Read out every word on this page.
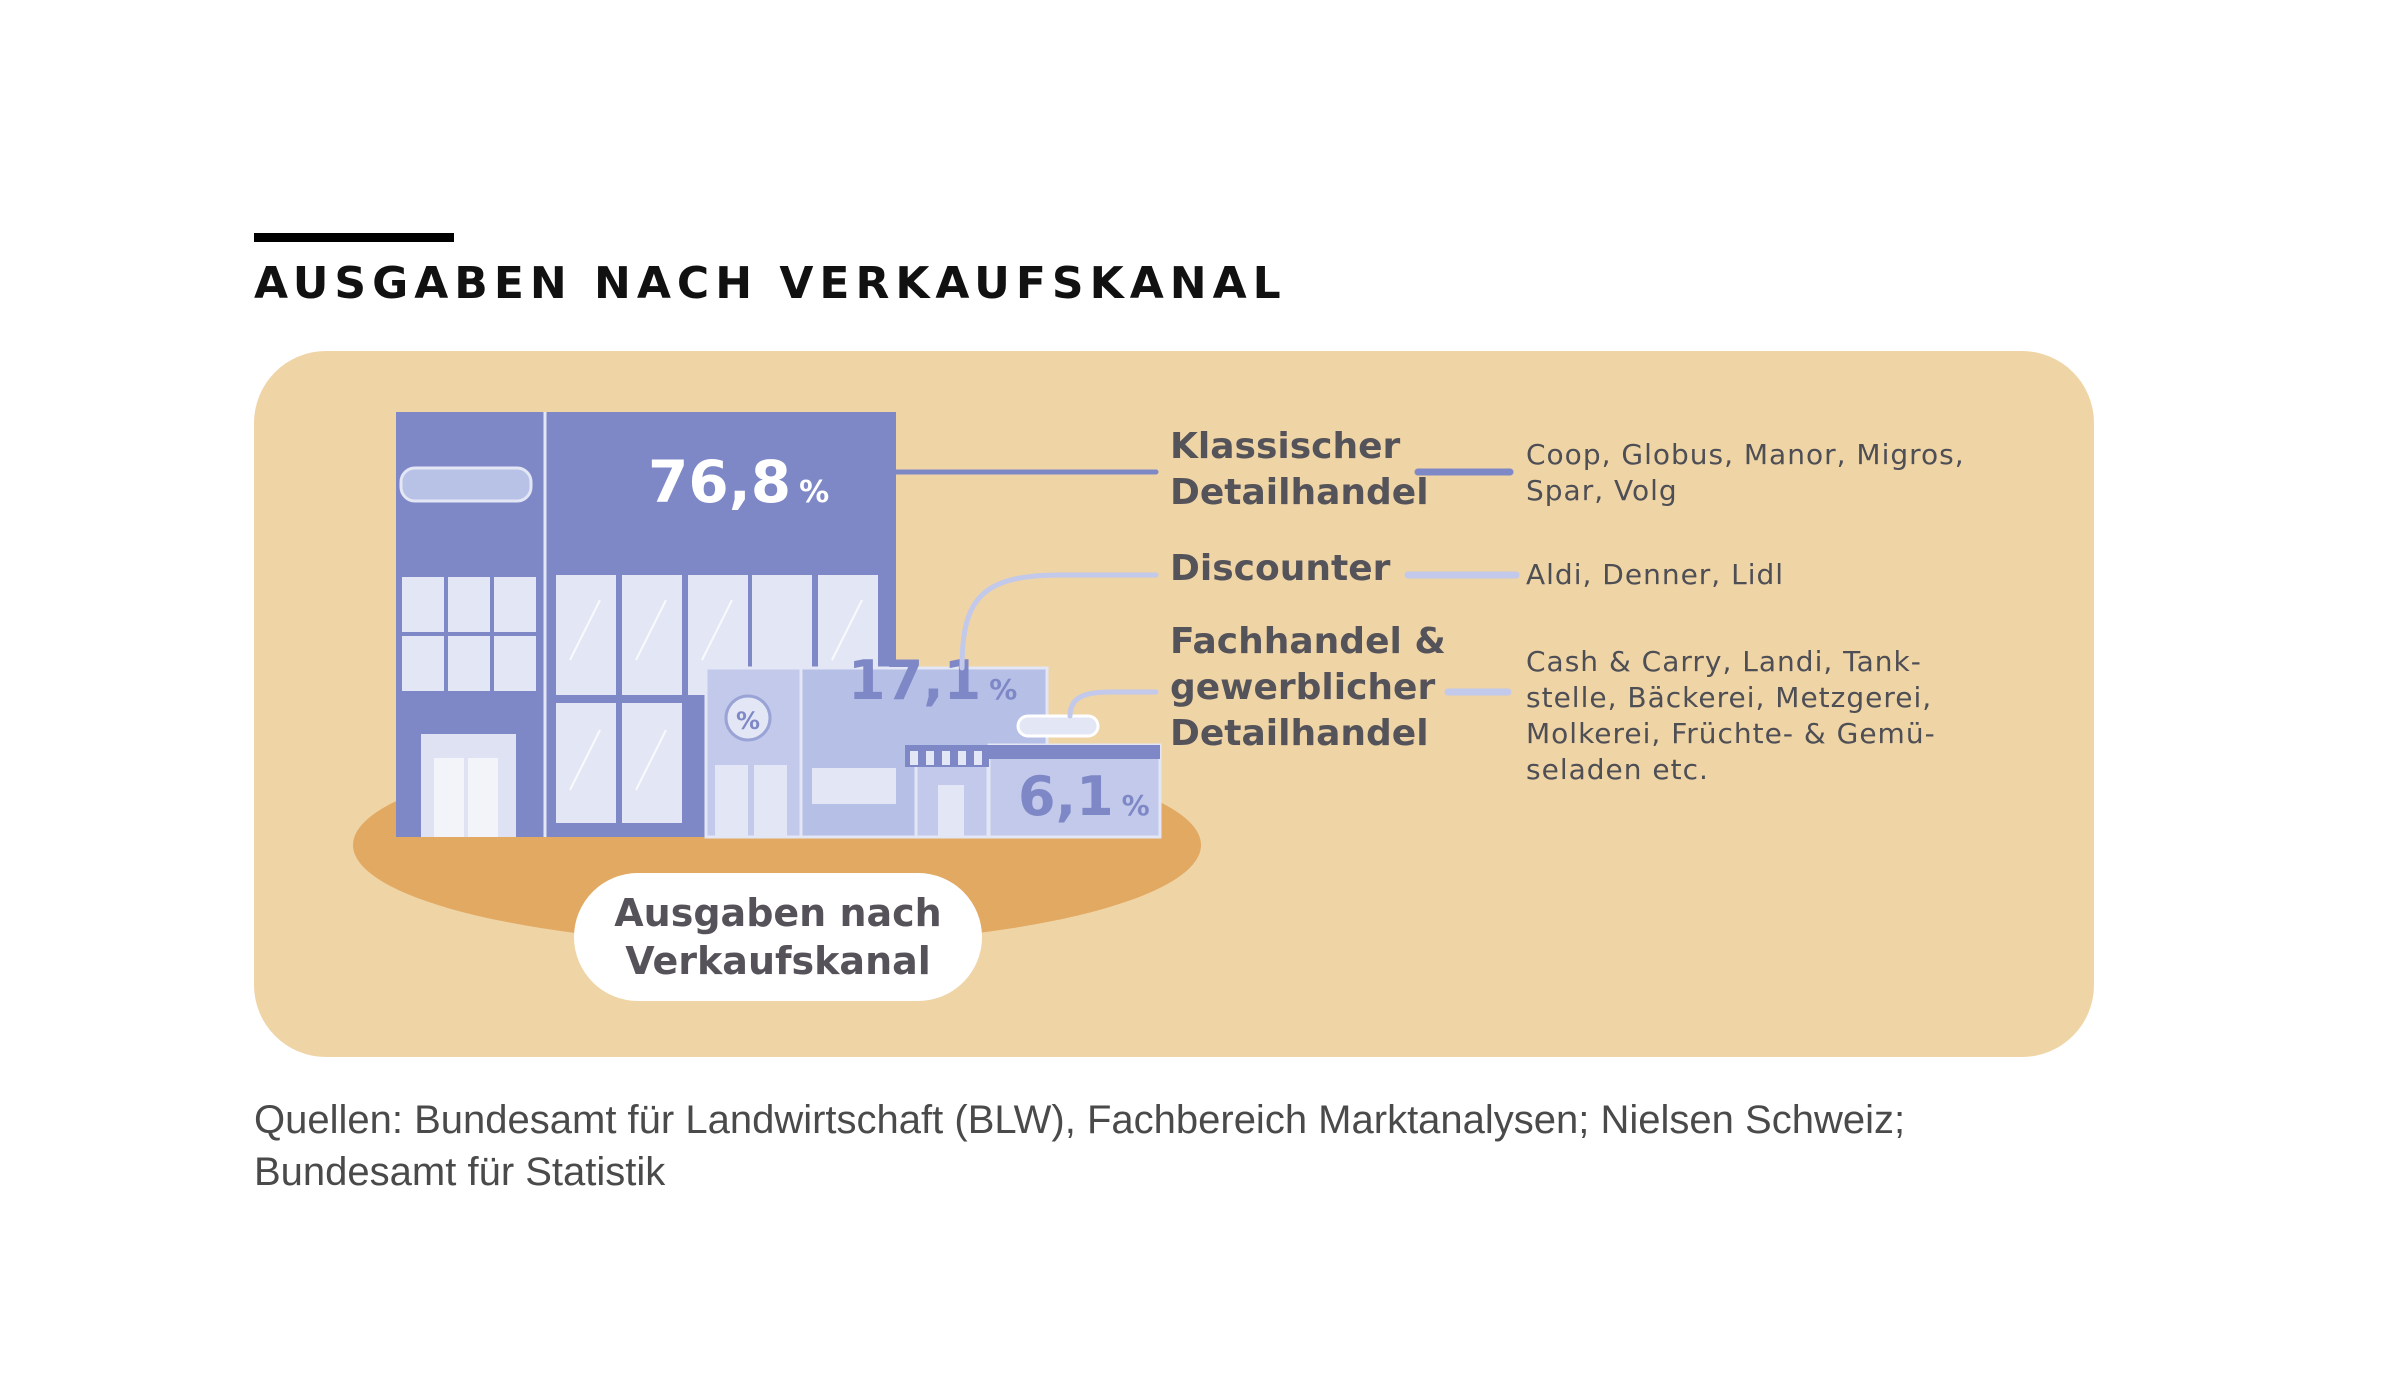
AUSGABEN NACH VERKAUFSKANAL
%
76,8 %
17,1 %
6,1 %

Klassischer
Detailhandel

Discounter

Fachhandel &
gewerblicher
Detailhandel

Coop, Globus, Manor, Migros,
Spar, Volg

Aldi, Denner, Lidl

Cash & Carry, Landi, Tank-
stelle, Bäckerei, Metzgerei,
Molkerei, Früchte- & Gemü-
seladen etc.

Ausgaben nach
Verkaufskanal

Quellen: Bundesamt für Landwirtschaft (BLW), Fachbereich Marktanalysen; Nielsen Schweiz;
Bundesamt für Statistik
